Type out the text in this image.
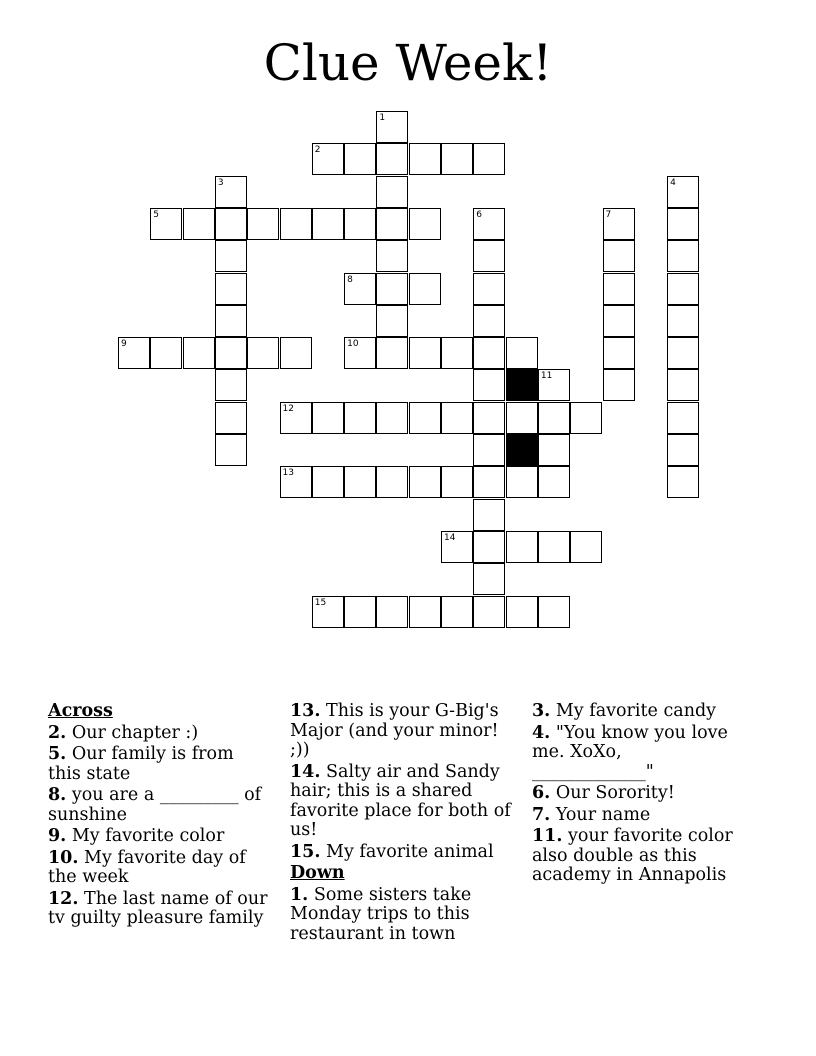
Clue Week!
1
2
3	4
5	6	7
8
9	10
11
12
13
14
15
Across
2. Our chapter :)
5. Our family is from this state
8. you are a _________ of sunshine
9. My favorite color
10. My favorite day of the week
12. The last name of our tv guilty pleasure family
13. This is your G-Big's Major (and your minor! ;))
14. Salty air and Sandy hair; this is a shared favorite place for both of us!
15. My favorite animal
Down
1. Some sisters take Monday trips to this restaurant in town
3. My favorite candy
4. "You know you love me. XoXo, _____________"
6. Our Sorority!
7. Your name
11. your favorite color also double as this academy in Annapolis
